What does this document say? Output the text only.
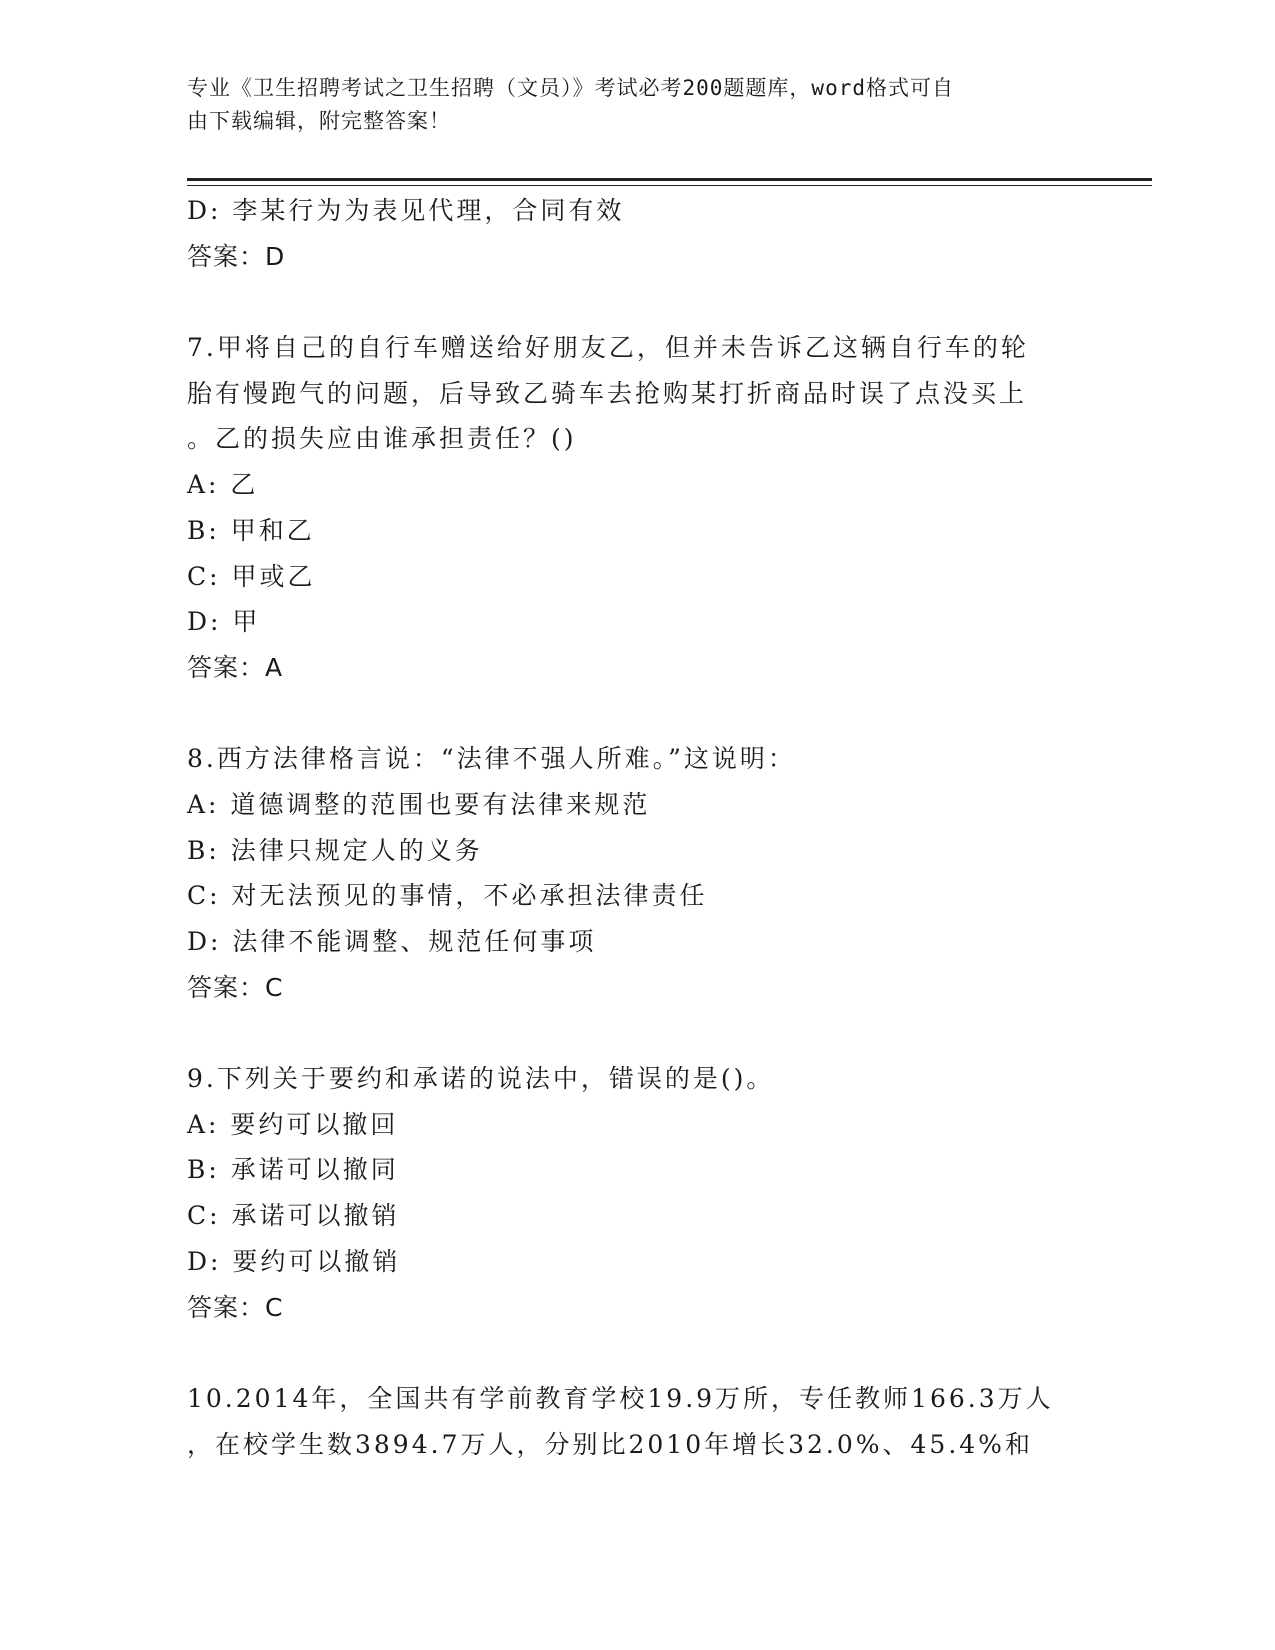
专业《卫生招聘考试之卫生招聘（文员）》考试必考200题题库，word格式可自
由下载编辑，附完整答案！
D: 李某行为为表见代理，合同有效
答案：D
7.甲将自己的自行车赠送给好朋友乙，但并未告诉乙这辆自行车的轮
胎有慢跑气的问题，后导致乙骑车去抢购某打折商品时误了点没买上
。乙的损失应由谁承担责任？()
A: 乙
B: 甲和乙
C: 甲或乙
D: 甲
答案：A
8.西方法律格言说：“法律不强人所难。”这说明：
A: 道德调整的范围也要有法律来规范
B: 法律只规定人的义务
C: 对无法预见的事情，不必承担法律责任
D: 法律不能调整、规范任何事项
答案：C
9.下列关于要约和承诺的说法中，错误的是()。
A: 要约可以撤回
B: 承诺可以撤同
C: 承诺可以撤销
D: 要约可以撤销
答案：C
10.2014年，全国共有学前教育学校19.9万所，专任教师166.3万人
，在校学生数3894.7万人，分别比2010年增长32.0%、45.4%和
